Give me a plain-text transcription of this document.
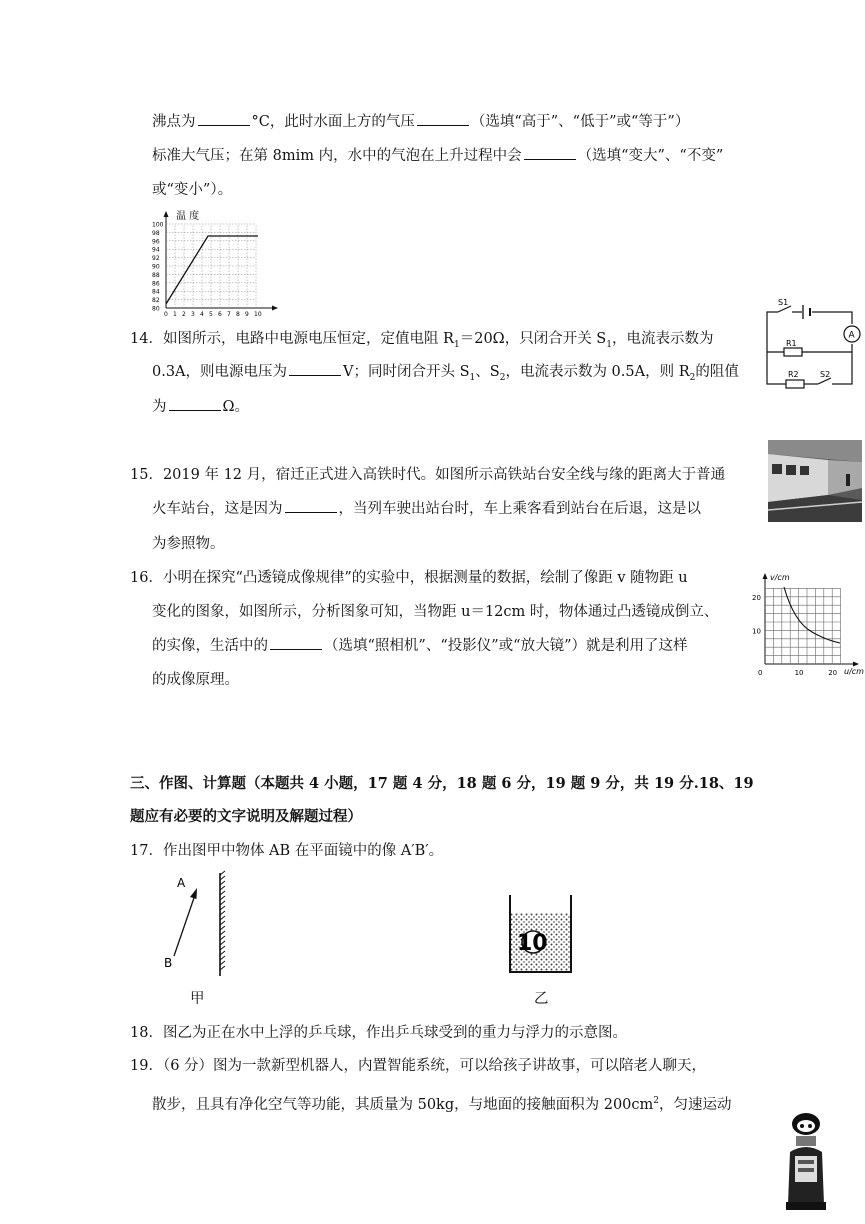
沸点为	°C，此时水面上方的气压	（选填“高于”、“低于”或“等于”）
标准大气压；在第 8mim 内，水中的气泡在上升过程中会	（选填“变大”、“不变”
或“变小”）。
温 度
100
98
96
94
92
90
88
86
84
82
80
0 1 2 3 4 5 6 7 8 9 10
14．如图所示，电路中电源电压恒定，定值电阻 $R_1=20\Omega$，只闭合开关 $S_1$，电流表示数为
0.3A，则电源电压为	V；同时闭合开头 $S_1$、$S_2$，电流表示数为 0.5A，则 $R_2$的阻值
为	Ω。
S1
A
R1
R2	S2
15．2019 年 12 月，宿迁正式进入高铁时代。如图所示高铁站台安全线与缘的距离大于普通
火车站台，这是因为	，当列车驶出站台时，车上乘客看到站台在后退，这是以
为参照物。
16．小明在探究“凸透镜成像规律”的实验中，根据测量的数据，绘制了像距 v 随物距 u
变化的图象，如图所示，分析图象可知，当物距 u＝12cm 时，物体通过凸透镜成倒立、
的实像，生活中的	（选填“照相机”、“投影仪”或“放大镜”）就是利用了这样
的成像原理。
v/cm
u/cm
20
10
0	10	20
三、作图、计算题（本题共 4 小题，17 题 4 分，18 题 6 分，19 题 9 分，共 19 分.18、19
题应有必要的文字说明及解题过程）
17．作出图甲中物体 AB 在平面镜中的像 A′B′。
A
B
甲
10
乙
18．图乙为正在水中上浮的乒乓球，作出乒乓球受到的重力与浮力的示意图。
19．（6 分）图为一款新型机器人，内置智能系统，可以给孩子讲故事，可以陪老人聊天，
散步，且具有净化空气等功能，其质量为 50kg，与地面的接触面积为 $200cm^2$，匀速运动
